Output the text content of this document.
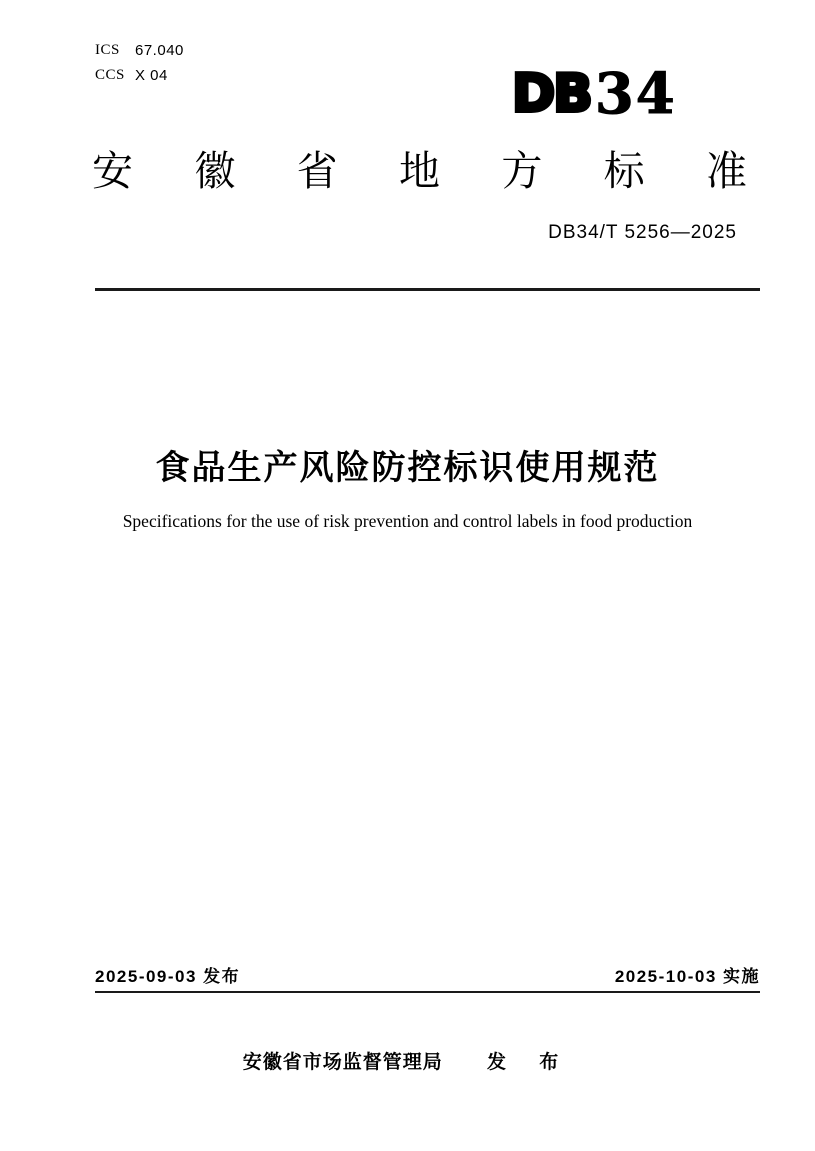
ICS	67.040
CCS X 04	DB 34
安 徽 省 地 方 标 准
DB34/T 5256—2025
食品生产风险防控标识使用规范
Specifications for the use of risk prevention and control labels in food production
2025-09-03 发布	2025-10-03 实施
安徽省市场监督管理局 发 布
